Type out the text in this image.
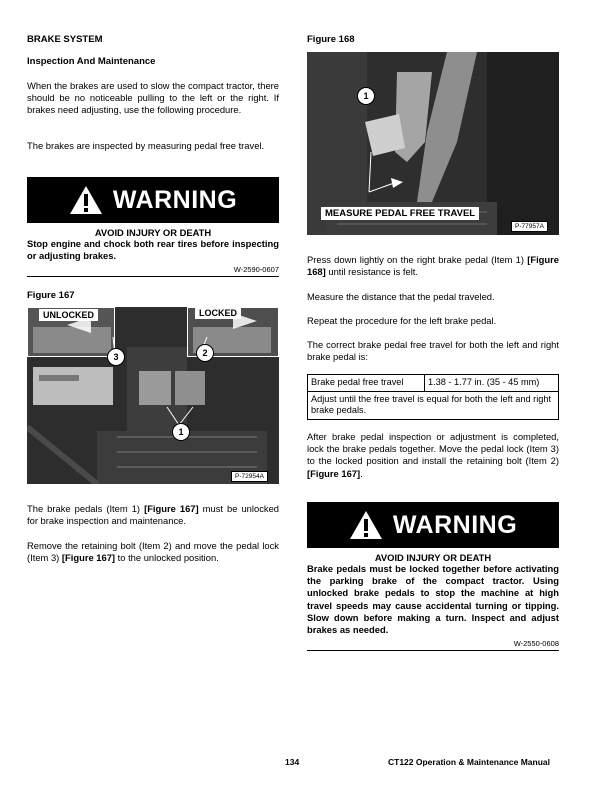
BRAKE SYSTEM
Inspection And Maintenance

When the brakes are used to slow the compact tractor, there should be no noticeable pulling to the left or the right. If brakes need adjusting, use the following procedure.

The brakes are inspected by measuring pedal free travel.

WARNING
AVOID INJURY OR DEATH
Stop engine and chock both rear tires before inspecting or adjusting brakes.
W-2590-0607
Figure 167
UNLOCKED	LOCKED
3	2
1
P-72954A

The brake pedals (Item 1) [Figure 167] must be unlocked for brake inspection and maintenance.

Remove the retaining bolt (Item 2) and move the pedal lock (Item 3) [Figure 167] to the unlocked position.

Figure 168
1
MEASURE PEDAL FREE TRAVEL
P-77957A

Press down lightly on the right brake pedal (Item 1) [Figure 168] until resistance is felt.

Measure the distance that the pedal traveled.

Repeat the procedure for the left brake pedal.

The correct brake pedal free travel for both the left and right brake pedal is:

Brake pedal free travel	1.38 - 1.77 in. (35 - 45 mm)
Adjust until the free travel is equal for both the left and right brake pedals.

After brake pedal inspection or adjustment is completed, lock the brake pedals together. Move the pedal lock (Item 3) to the locked position and install the retaining bolt (Item 2) [Figure 167].

WARNING
AVOID INJURY OR DEATH
Brake pedals must be locked together before activating the parking brake of the compact tractor. Using unlocked brake pedals to stop the machine at high travel speeds may cause accidental turning or tipping. Slow down before making a turn. Inspect and adjust brakes as needed.
W-2550-0608
134	CT122 Operation & Maintenance Manual
